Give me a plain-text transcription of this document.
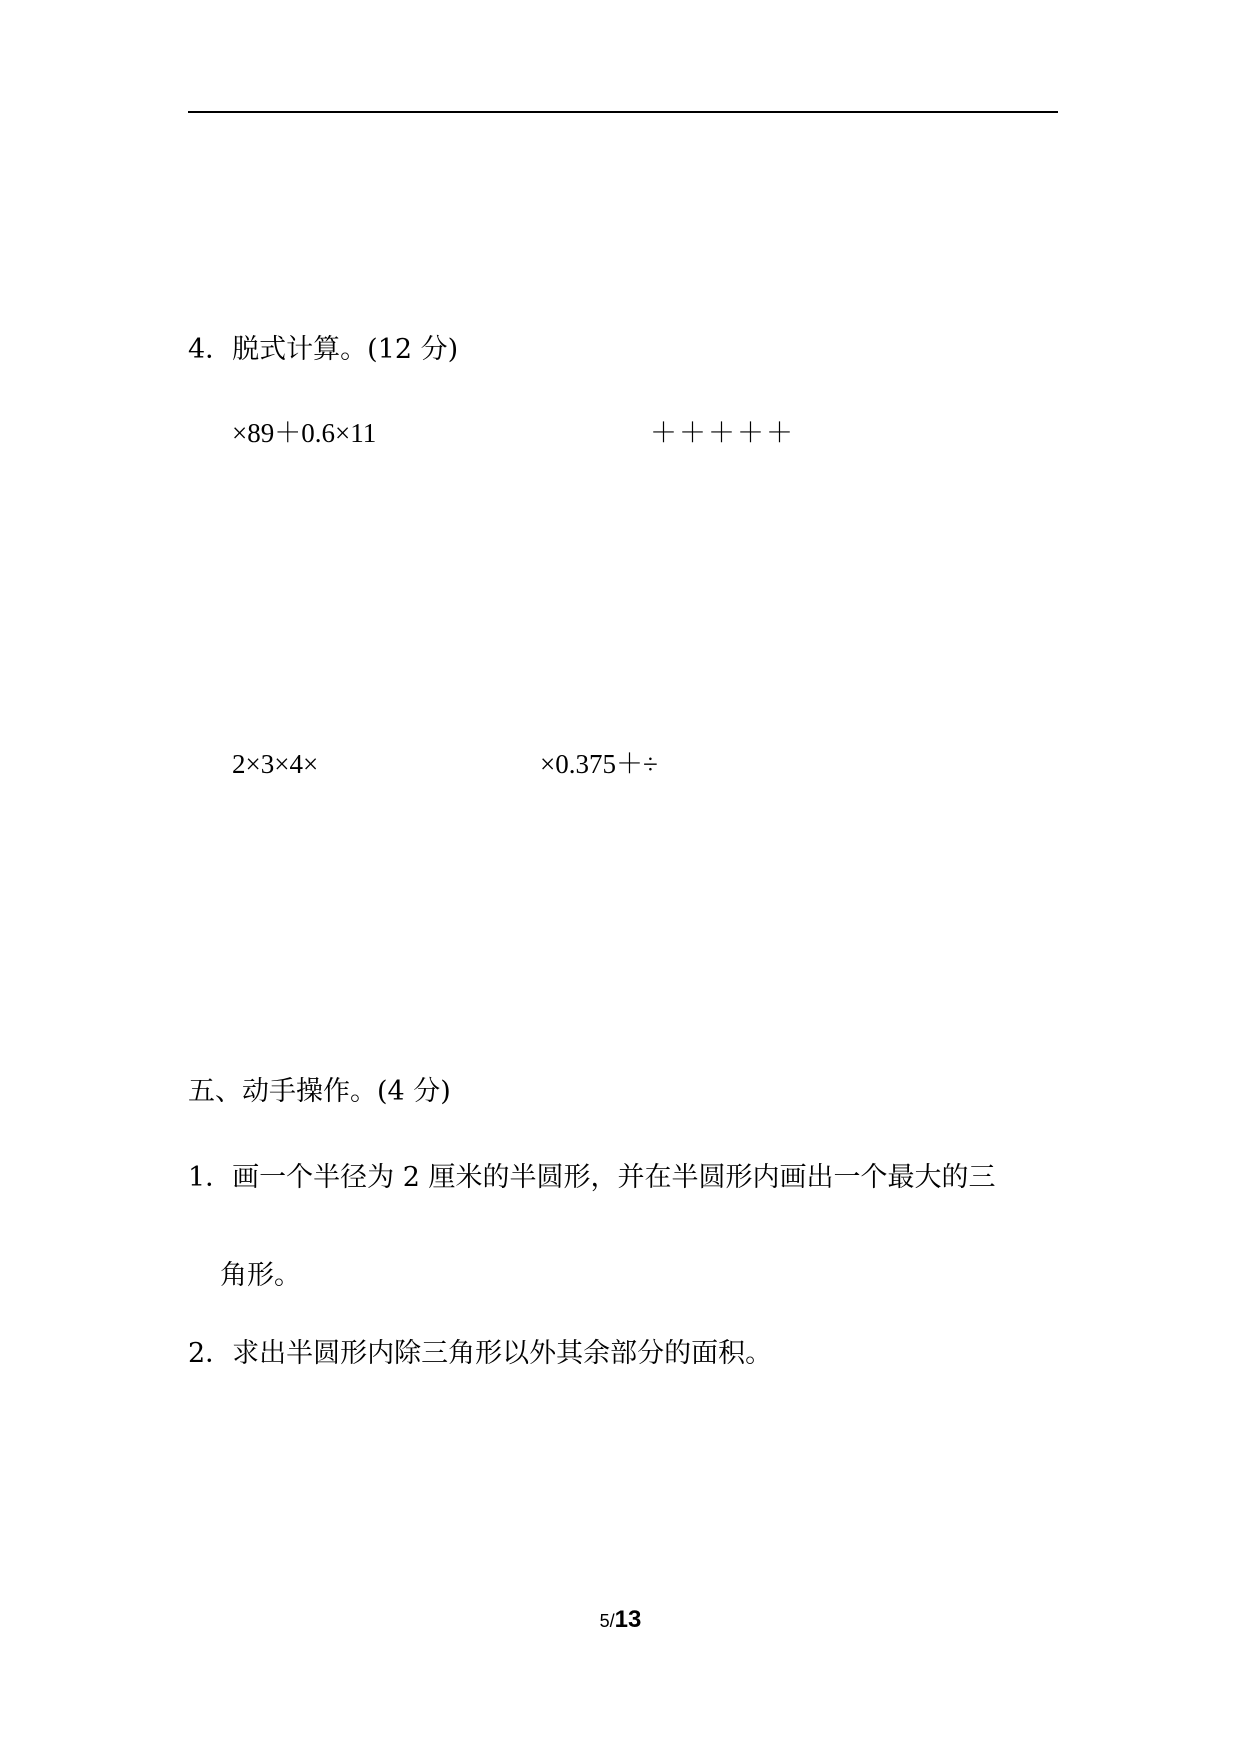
4．脱式计算。(12 分)
×89＋0.6×11	＋＋＋＋＋
2×3×4×	×0.375＋÷
五、动手操作。(4 分)
1．画一个半径为 2 厘米的半圆形，并在半圆形内画出一个最大的三
角形。
2．求出半圆形内除三角形以外其余部分的面积。
5/13
